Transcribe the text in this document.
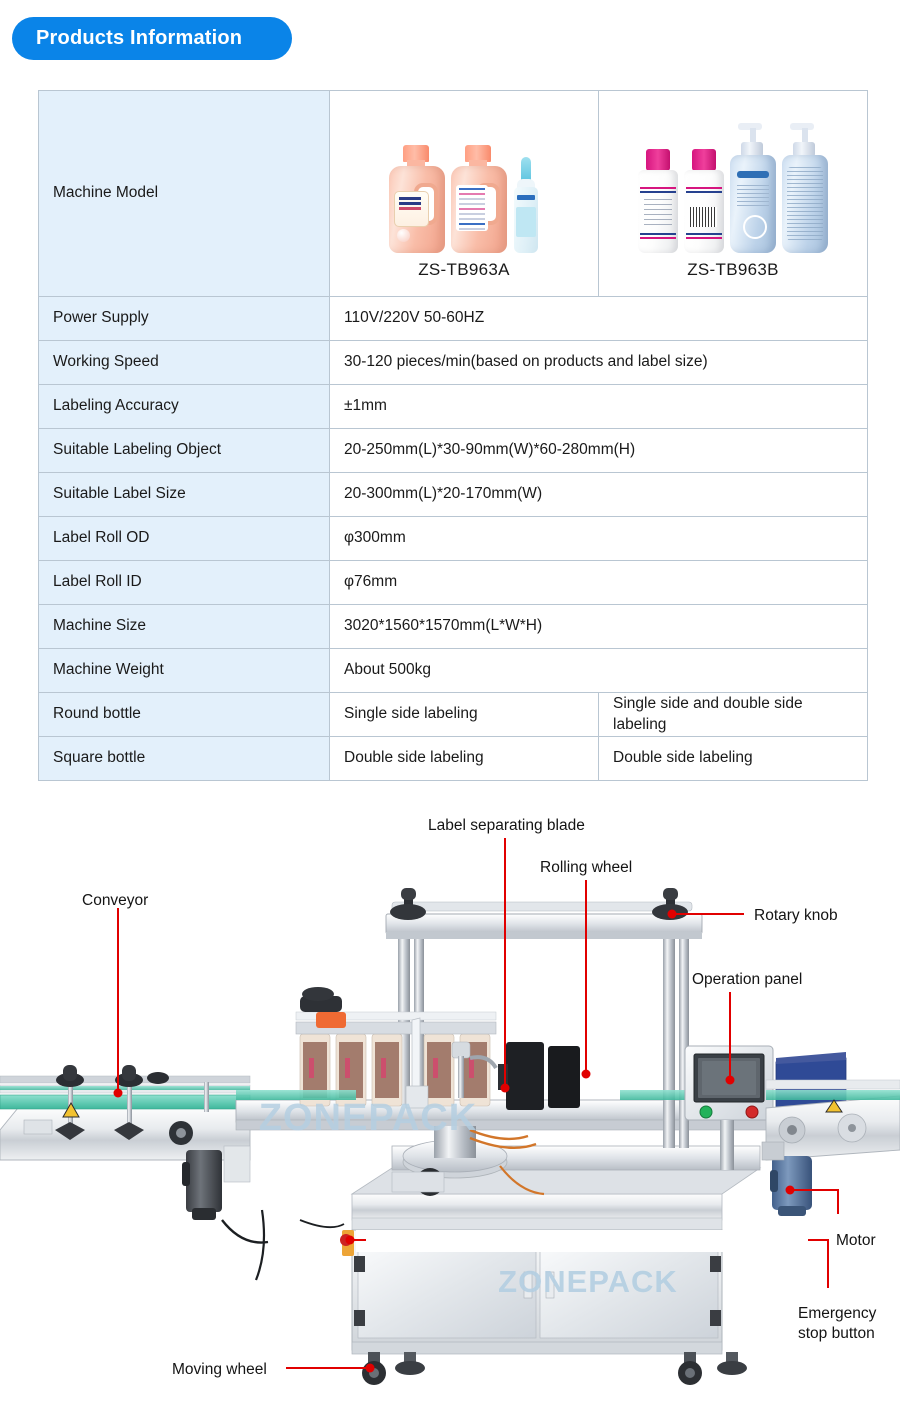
Products Information
Machine Model	ZS-TB963A	ZS-TB963B

Power Supply	110V/220V 50-60HZ	
Working Speed	30-120 pieces/min(based on products and label size)	
Labeling Accuracy	±1mm	
Suitable Labeling Object	20-250mm(L)*30-90mm(W)*60-280mm(H)	
Suitable Label Size	20-300mm(L)*20-170mm(W)	
Label Roll OD	φ300mm	
Label Roll ID	φ76mm	
Machine Size	3020*1560*1570mm(L*W*H)	
Machine Weight	About 500kg	
Round bottle	Single side labeling	Single side and double side labeling
Square bottle	Double side labeling	Double side labeling
ZONEPACK
ZONEPACK
Conveyor
Label separating blade
Rolling wheel
Rotary knob
Operation panel
Motor
Emergency
stop button
Moving wheel
